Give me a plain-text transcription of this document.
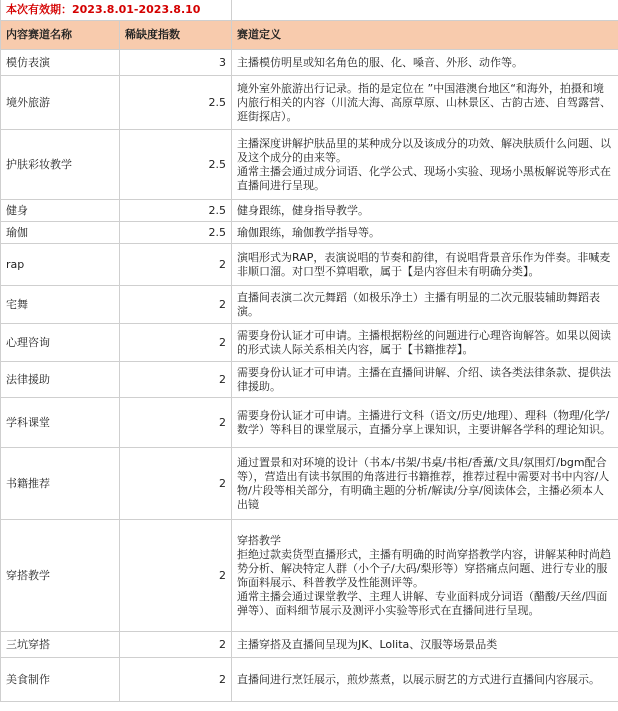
本次有效期：2023.8.01-2023.8.10		
内容赛道名称	稀缺度指数	赛道定义
模仿表演	3	主播模仿明星或知名角色的服、化、嗓音、外形、动作等。
境外旅游	2.5	境外室外旅游出行记录。指的是定位在 ”中国港澳台地区“和海外，拍摄和境内旅行相关的内容（川流大海、高原草原、山林景区、古韵古迹、自驾露营、逛街探店）。
护肤彩妆教学	2.5	主播深度讲解护肤品里的某种成分以及该成分的功效、解决肤质什么问题、以及这个成分的由来等。
通常主播会通过成分词语、化学公式、现场小实验、现场小黑板解说等形式在直播间进行呈现。
健身	2.5	健身跟练，健身指导教学。
瑜伽	2.5	瑜伽跟练，瑜伽教学指导等。
rap	2	演唱形式为RAP，表演说唱的节奏和韵律，有说唱背景音乐作为伴奏。非喊麦非顺口溜。对口型不算唱歌，属于【是内容但未有明确分类】。
宅舞	2	直播间表演二次元舞蹈（如极乐净土）主播有明显的二次元服装辅助舞蹈表演。
心理咨询	2	需要身份认证才可申请。主播根据粉丝的问题进行心理咨询解答。如果以阅读的形式读人际关系相关内容，属于【书籍推荐】。
法律援助	2	需要身份认证才可申请。主播在直播间讲解、介绍、读各类法律条款、提供法律援助。
学科课堂	2	需要身份认证才可申请。主播进行文科（语文/历史/地理）、理科（物理/化学/数学）等科目的课堂展示，直播分享上课知识，主要讲解各学科的理论知识。
书籍推荐	2	通过置景和对环境的设计（书本/书架/书桌/书柜/香薰/文具/氛围灯/bgm配合等），营造出有读书氛围的角落进行书籍推荐，推荐过程中需要对书中内容/人物/片段等相关部分，有明确主题的分析/解读/分享/阅读体会，主播必须本人出镜
穿搭教学	2	穿搭教学
拒绝过款卖货型直播形式，主播有明确的时尚穿搭教学内容，讲解某种时尚趋势分析、解决特定人群（小个子/大码/梨形等）穿搭痛点问题、进行专业的服饰面料展示、科普教学及性能测评等。
通常主播会通过课堂教学、主理人讲解、专业面料成分词语（醋酸/天丝/四面弹等）、面料细节展示及测评小实验等形式在直播间进行呈现。
三坑穿搭	2	主播穿搭及直播间呈现为JK、Lolita、汉服等场景品类
美食制作	2	直播间进行烹饪展示，煎炒蒸煮，以展示厨艺的方式进行直播间内容展示。
